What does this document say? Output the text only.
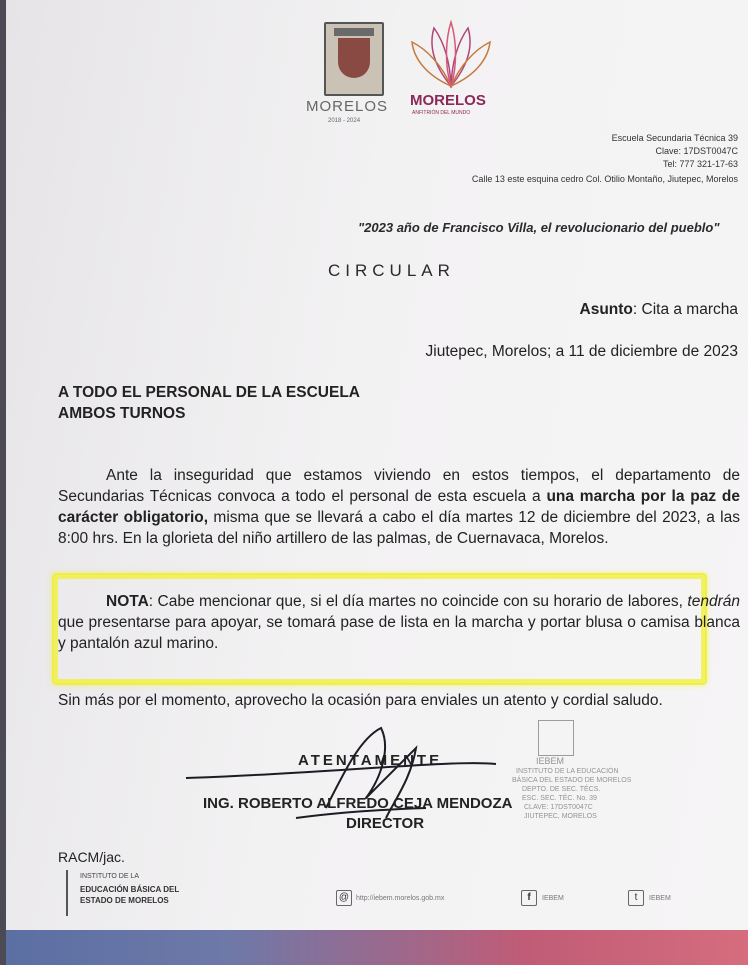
MORELOS
2018 - 2024
MORELOS
ANFITRIÓN DEL MUNDO
Escuela Secundaria Técnica 39
Clave: 17DST0047C
Tel: 777 321-17-63
Calle 13 este esquina cedro Col. Otilio Montaño, Jiutepec, Morelos
"2023 año de Francisco Villa, el revolucionario del pueblo"
CIRCULAR
Asunto: Cita a marcha
Jiutepec, Morelos; a 11 de diciembre de 2023
A TODO EL PERSONAL DE LA ESCUELA
AMBOS TURNOS
Ante la inseguridad que estamos viviendo en estos tiempos, el departamento de Secundarias Técnicas convoca a todo el personal de esta escuela a una marcha por la paz de carácter obligatorio, misma que se llevará a cabo el día martes 12 de diciembre del 2023, a las 8:00 hrs. En la glorieta del niño artillero de las palmas, de Cuernavaca, Morelos.
NOTA: Cabe mencionar que, si el día martes no coincide con su horario de labores, tendrán que presentarse para apoyar, se tomará pase de lista en la marcha y portar blusa o camisa blanca y pantalón azul marino.
Sin más por el momento, aprovecho la ocasión para enviales un atento y cordial saludo.
IEBEM
INSTITUTO DE LA EDUCACIÓN
BÁSICA DEL ESTADO DE MORELOS
DEPTO. DE SEC. TÉCS.
ESC. SEC. TÉC. No. 39
CLAVE: 17DST0047C
JIUTEPEC, MORELOS
ATENTAMENTE
ING. ROBERTO ALFREDO CEJA MENDOZA
DIRECTOR
RACM/jac.
INSTITUTO DE LA
EDUCACIÓN BÁSICA DEL
ESTADO DE MORELOS	@ http://iebem.morelos.gob.mx	f	IEBEM	t	IEBEM
